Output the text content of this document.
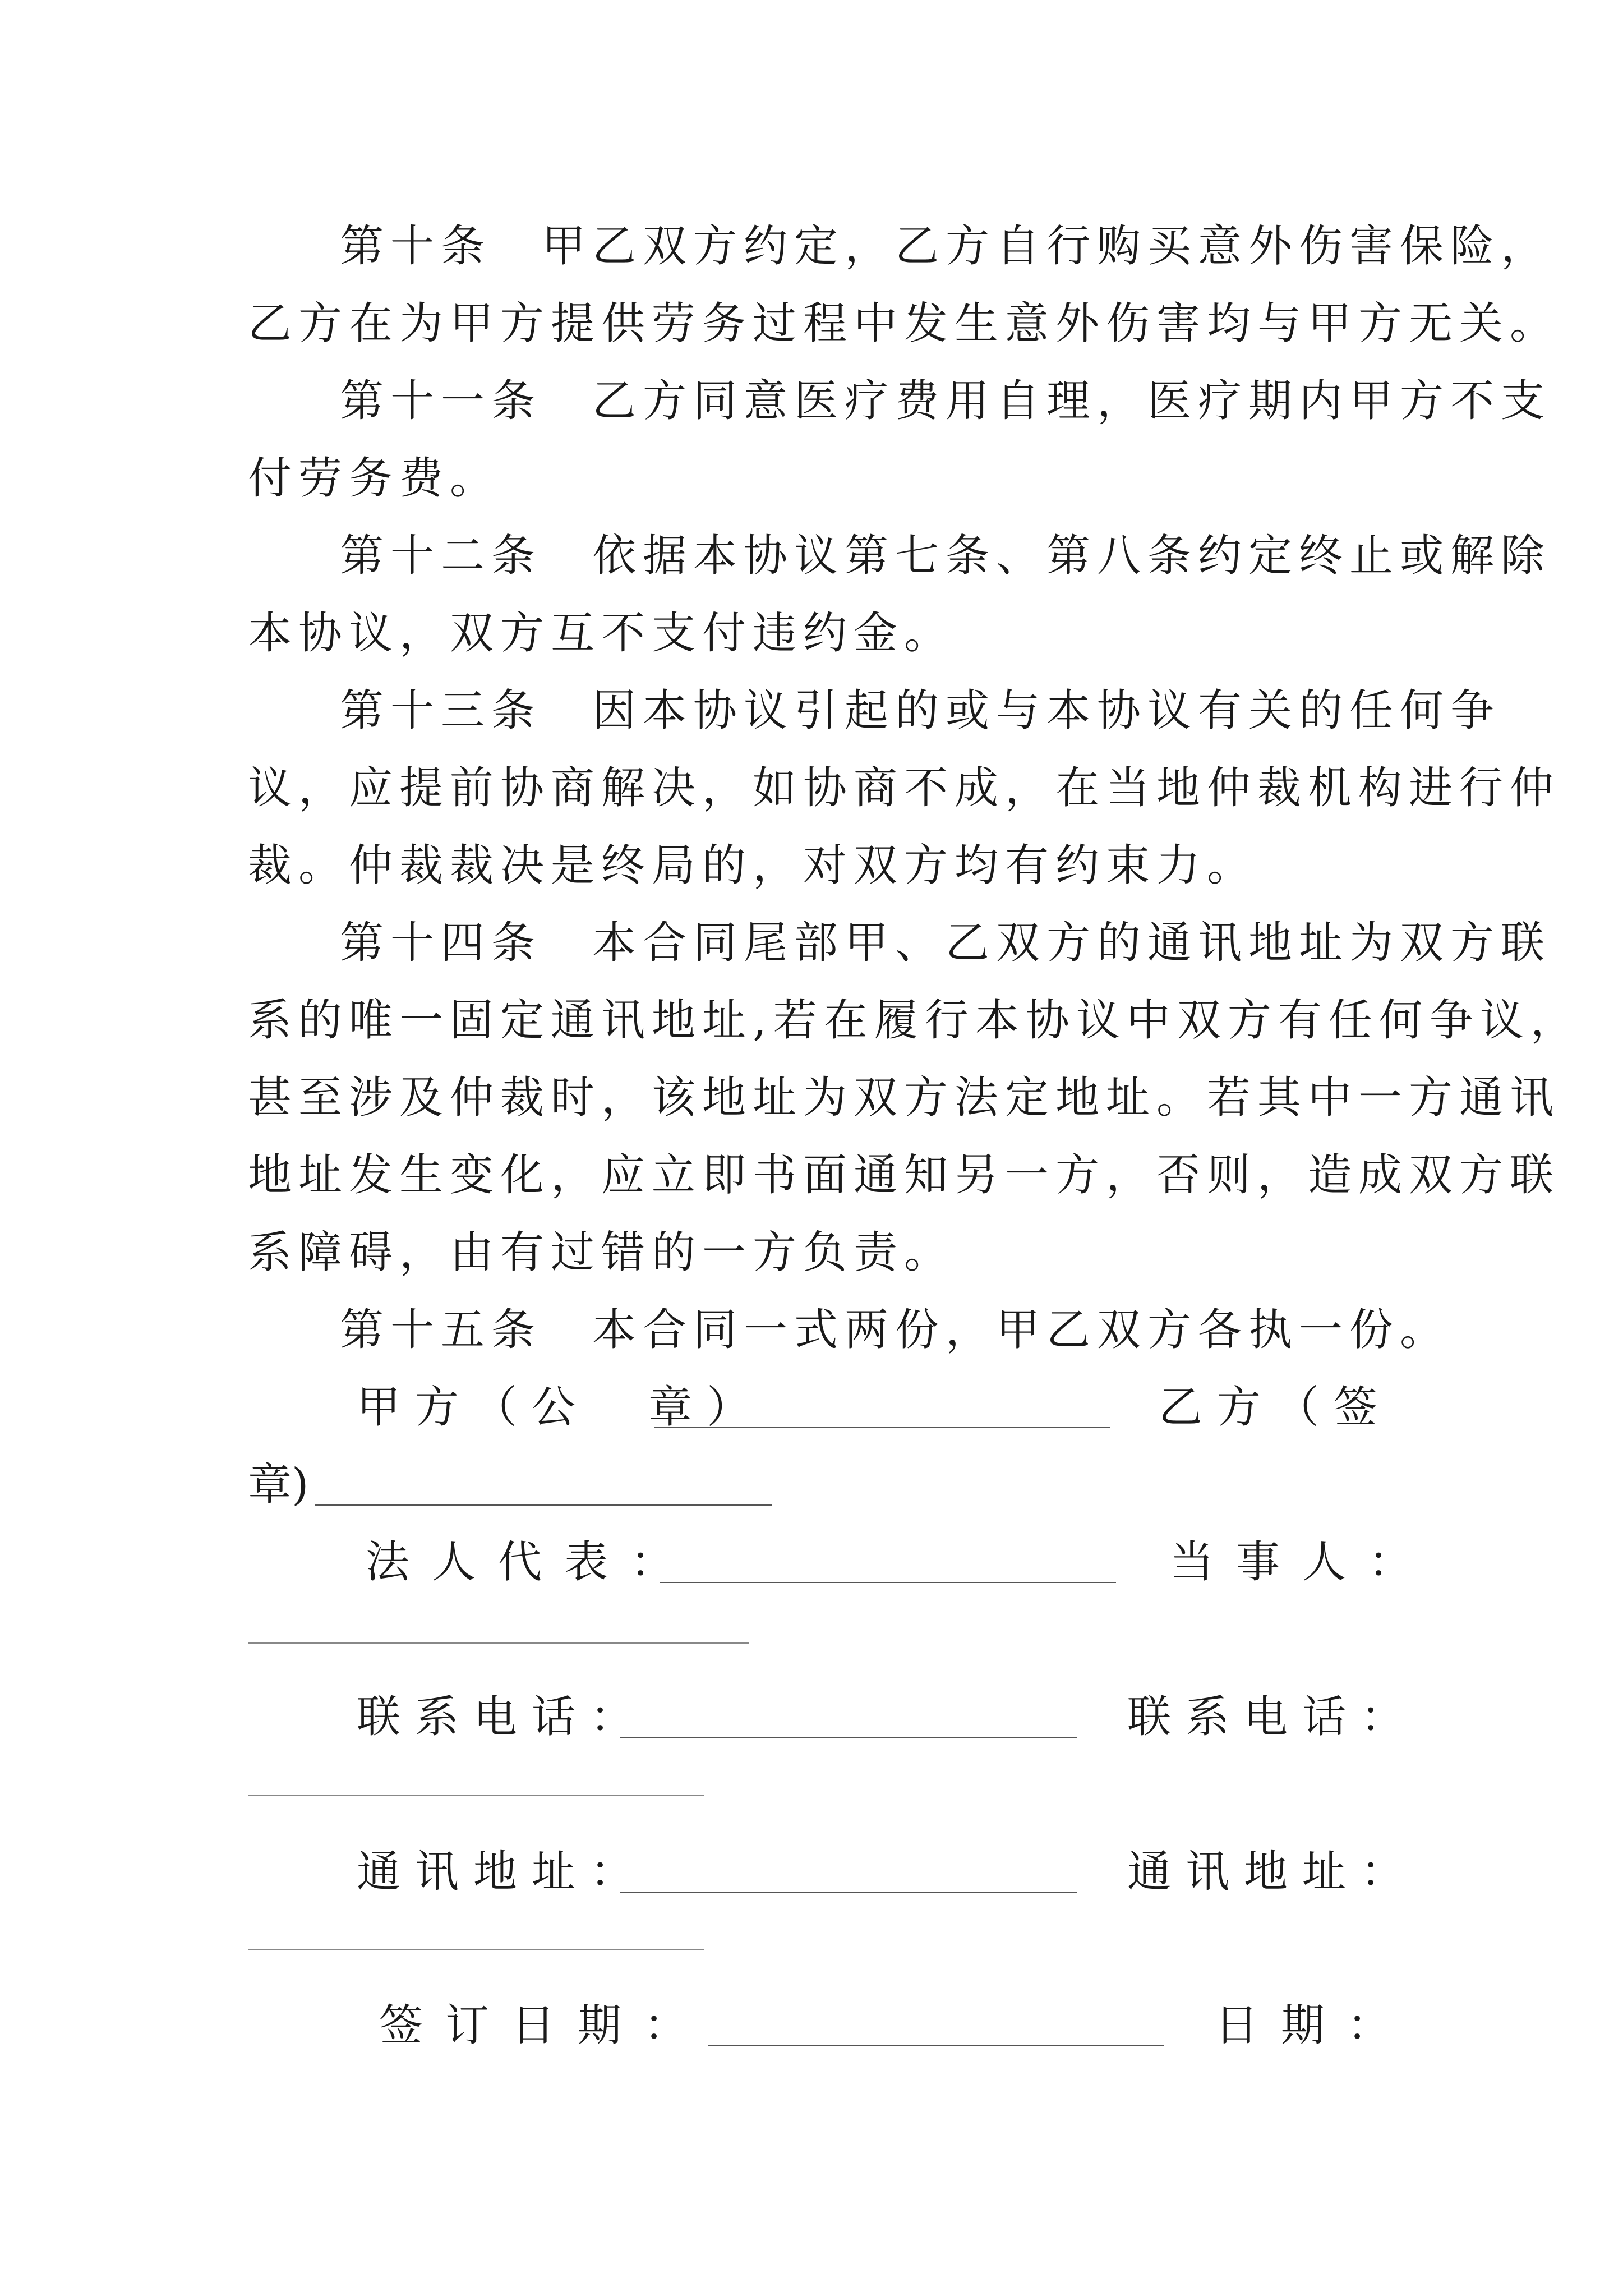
第十条　甲乙双方约定，乙方自行购买意外伤害保险，

乙方在为甲方提供劳务过程中发生意外伤害均与甲方无关。

第十一条　乙方同意医疗费用自理，医疗期内甲方不支

付劳务费。

第十二条　依据本协议第七条、第八条约定终止或解除

本协议，双方互不支付违约金。

第十三条　因本协议引起的或与本协议有关的任何争

议，应提前协商解决，如协商不成，在当地仲裁机构进行仲

裁。仲裁裁决是终局的，对双方均有约束力。

第十四条　本合同尾部甲、乙双方的通讯地址为双方联

系的唯一固定通讯地址,若在履行本协议中双方有任何争议，

甚至涉及仲裁时，该地址为双方法定地址。若其中一方通讯

地址发生变化，应立即书面通知另一方，否则，造成双方联

系障碍，由有过错的一方负责。

第十五条　本合同一式两份，甲乙双方各执一份。

甲方（公　章）	乙方（签
章)
法人代表：	当事人：
联系电话：	联系电话：
通讯地址：	通讯地址：
签订日期：	日期：
